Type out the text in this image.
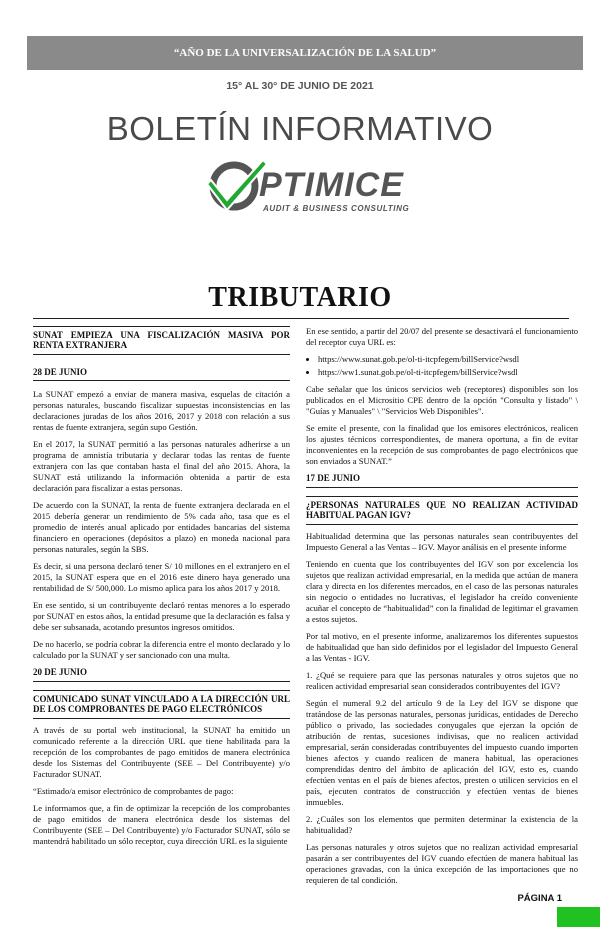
“AÑO DE LA UNIVERSALIZACIÓN DE LA SALUD”
15° AL 30° DE JUNIO DE 2021
BOLETÍN INFORMATIVO
PTIMICE
AUDIT & BUSINESS CONSULTING
TRIBUTARIO
SUNAT EMPIEZA UNA FISCALIZACIÓN MASIVA POR RENTA EXTRANJERA
28 DE JUNIO

La SUNAT empezó a enviar de manera masiva, esquelas de citación a personas naturales, buscando fiscalizar supuestas inconsistencias en las declaraciones juradas de los años 2016, 2017 y 2018 con relación a sus rentas de fuente extranjera, según supo Gestión.

En el 2017, la SUNAT permitió a las personas naturales adherirse a un programa de amnistía tributaria y declarar todas las rentas de fuente extranjera con las que contaban hasta el final del año 2015. Ahora, la SUNAT está utilizando la información obtenida a partir de esta declaración para fiscalizar a estas personas.

De acuerdo con la SUNAT, la renta de fuente extranjera declarada en el 2015 debería generar un rendimiento de 5% cada año, tasa que es el promedio de interés anual aplicado por entidades bancarias del sistema financiero en operaciones (depósitos a plazo) en moneda nacional para personas naturales, según la SBS.

Es decir, si una persona declaró tener S/ 10 millones en el extranjero en el 2015, la SUNAT espera que en el 2016 este dinero haya generado una rentabilidad de S/ 500,000. Lo mismo aplica para los años 2017 y 2018.

En ese sentido, si un contribuyente declaró rentas menores a lo esperado por SUNAT en estos años, la entidad presume que la declaración es falsa y debe ser subsanada, acotando presuntos ingresos omitidos.

De no hacerlo, se podría cobrar la diferencia entre el monto declarado y lo calculado por la SUNAT y ser sancionado con una multa.

20 DE JUNIO
COMUNICADO SUNAT VINCULADO A LA DIRECCIÓN URL DE LOS COMPROBANTES DE PAGO ELECTRÓNICOS

A través de su portal web institucional, la SUNAT ha emitido un comunicado referente a la dirección URL que tiene habilitada para la recepción de los comprobantes de pago emitidos de manera electrónica desde los Sistemas del Contribuyente (SEE – Del Contribuyente) y/o Facturador SUNAT.

“Estimado/a emisor electrónico de comprobantes de pago:

Le informamos que, a fin de optimizar la recepción de los comprobantes de pago emitidos de manera electrónica desde los sistemas del Contribuyente (SEE – Del Contribuyente) y/o Facturador SUNAT, sólo se mantendrá habilitado un sólo receptor, cuya dirección URL es la siguiente

En ese sentido, a partir del 20/07 del presente se desactivará el funcionamiento del receptor cuya URL es:

• https://www.sunat.gob.pe/ol-ti-itcpfegem/billService?wsdl
• https://ww1.sunat.gob.pe/ol-ti-itcpfegem/billService?wsdl

Cabe señalar que los únicos servicios web (receptores) disponibles son los publicados en el Micrositio CPE dentro de la opción "Consulta y listado" \ "Guías y Manuales" \ "Servicios Web Disponibles".

Se emite el presente, con la finalidad que los emisores electrónicos, realicen los ajustes técnicos correspondientes, de manera oportuna, a fin de evitar inconvenientes en la recepción de sus comprobantes de pago electrónicos que son enviados a SUNAT.”

17 DE JUNIO
¿PERSONAS NATURALES QUE NO REALIZAN ACTIVIDAD HABITUAL PAGAN IGV?

Habitualidad determina que las personas naturales sean contribuyentes del Impuesto General a las Ventas – IGV. Mayor análisis en el presente informe

Teniendo en cuenta que los contribuyentes del IGV son por excelencia los sujetos que realizan actividad empresarial, en la medida que actúan de manera clara y directa en los diferentes mercados, en el caso de las personas naturales sin negocio o entidades no lucrativas, el legislador ha creído conveniente acuñar el concepto de “habitualidad” con la finalidad de legitimar el gravamen a estos sujetos.

Por tal motivo, en el presente informe, analizaremos los diferentes supuestos de habitualidad que han sido definidos por el legislador del Impuesto General a las Ventas - IGV.

1. ¿Qué se requiere para que las personas naturales y otros sujetos que no realicen actividad empresarial sean considerados contribuyentes del IGV?

Según el numeral 9.2 del artículo 9 de la Ley del IGV se dispone que tratándose de las personas naturales, personas jurídicas, entidades de Derecho público o privado, las sociedades conyugales que ejerzan la opción de atribución de rentas, sucesiones indivisas, que no realicen actividad empresarial, serán consideradas contribuyentes del impuesto cuando importen bienes afectos y cuando realicen de manera habitual, las operaciones comprendidas dentro del ámbito de aplicación del IGV, esto es, cuando efectúen ventas en el país de bienes afectos, presten o utilicen servicios en el país, ejecuten contratos de construcción y efectúen ventas de bienes inmuebles.

2. ¿Cuáles son los elementos que permiten determinar la existencia de la habitualidad?

Las personas naturales y otros sujetos que no realizan actividad empresarial pasarán a ser contribuyentes del IGV cuando efectúen de manera habitual las operaciones gravadas, con la única excepción de las importaciones que no requieren de tal condición.

PÁGINA 1
